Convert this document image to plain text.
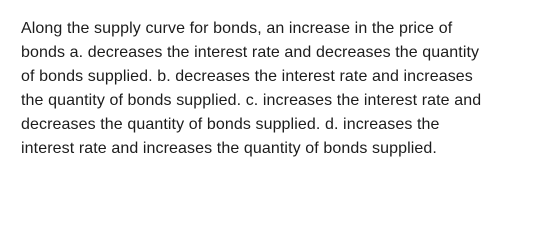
Along the supply curve for bonds, an increase in the price of
bonds a. decreases the interest rate and decreases the quantity
of bonds supplied. b. decreases the interest rate and increases
the quantity of bonds supplied. c. increases the interest rate and
decreases the quantity of bonds supplied. d. increases the
interest rate and increases the quantity of bonds supplied.
